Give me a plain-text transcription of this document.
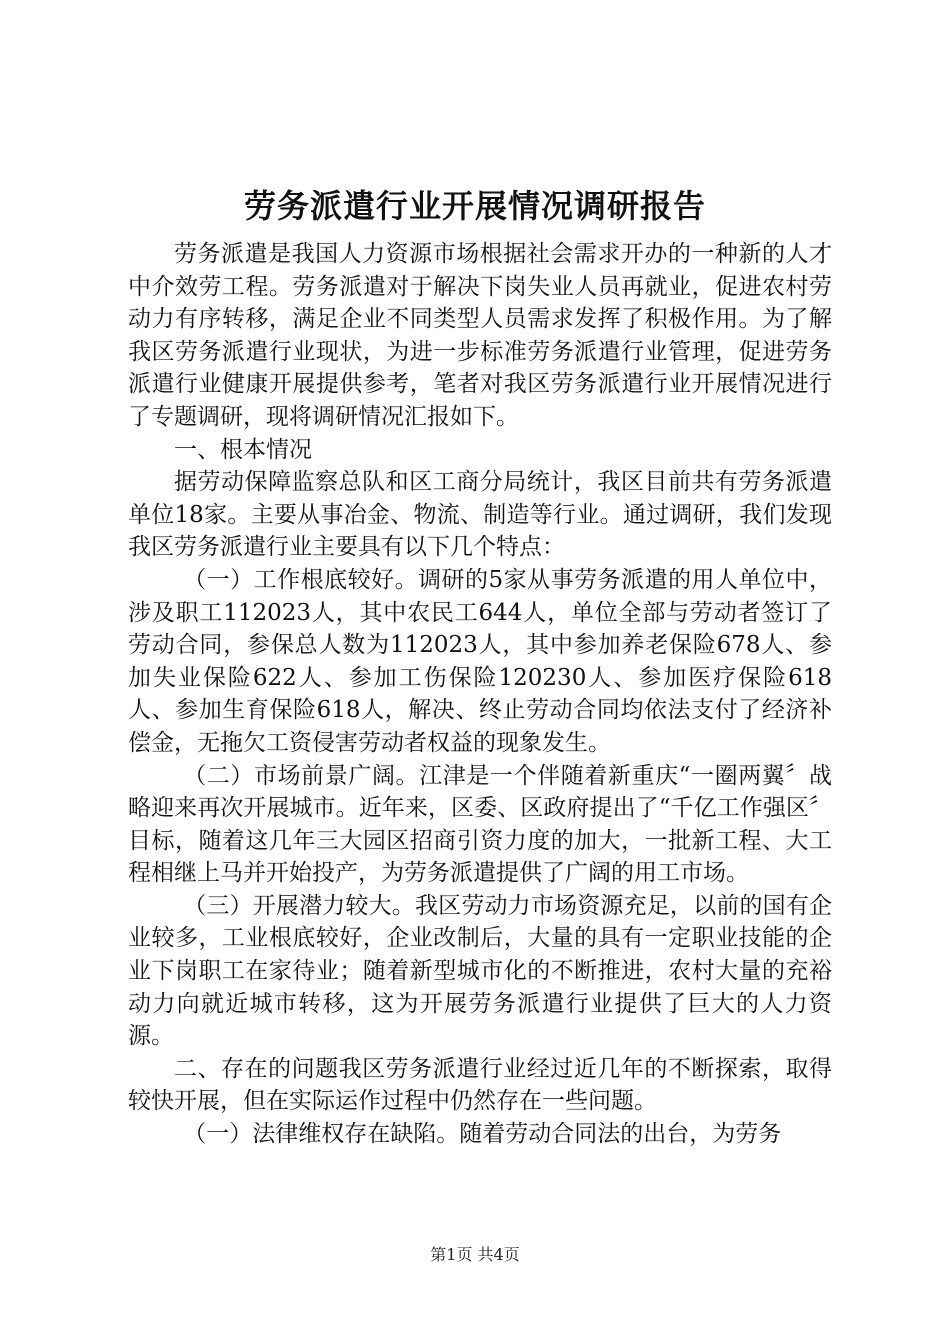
劳务派遣行业开展情况调研报告

劳务派遣是我国人力资源市场根据社会需求开办的一种新的人才中介效劳工程。劳务派遣对于解决下岗失业人员再就业，促进农村劳动力有序转移，满足企业不同类型人员需求发挥了积极作用。为了解我区劳务派遣行业现状，为进一步标准劳务派遣行业管理，促进劳务派遣行业健康开展提供参考，笔者对我区劳务派遣行业开展情况进行了专题调研，现将调研情况汇报如下。

一、根本情况

据劳动保障监察总队和区工商分局统计，我区目前共有劳务派遣单位18家。主要从事冶金、物流、制造等行业。通过调研，我们发现我区劳务派遣行业主要具有以下几个特点：

（一）工作根底较好。调研的5家从事劳务派遣的用人单位中，涉及职工112023人，其中农民工644人，单位全部与劳动者签订了劳动合同，参保总人数为112023人，其中参加养老保险678人、参加失业保险622人、参加工伤保险120230人、参加医疗保险618人、参加生育保险618人，解决、终止劳动合同均依法支付了经济补偿金，无拖欠工资侵害劳动者权益的现象发生。

（二）市场前景广阔。江津是一个伴随着新重庆“一圈两翼〞战略迎来再次开展城市。近年来，区委、区政府提出了“千亿工作强区〞目标，随着这几年三大园区招商引资力度的加大，一批新工程、大工程相继上马并开始投产，为劳务派遣提供了广阔的用工市场。

（三）开展潜力较大。我区劳动力市场资源充足，以前的国有企业较多，工业根底较好，企业改制后，大量的具有一定职业技能的企业下岗职工在家待业；随着新型城市化的不断推进，农村大量的充裕动力向就近城市转移，这为开展劳务派遣行业提供了巨大的人力资源。

二、存在的问题我区劳务派遣行业经过近几年的不断探索，取得较快开展，但在实际运作过程中仍然存在一些问题。

（一）法律维权存在缺陷。随着劳动合同法的出台，为劳务

第1页 共4页
